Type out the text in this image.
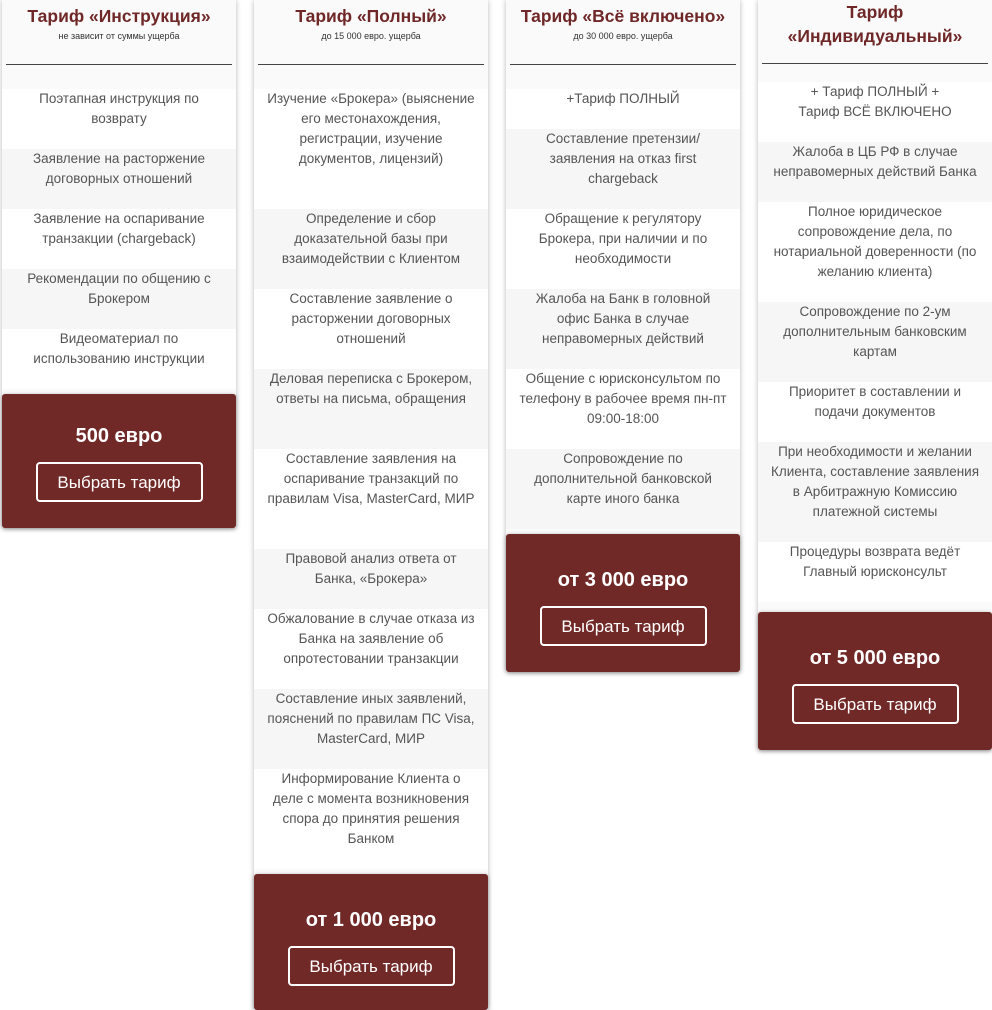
Тариф «Инструкция»
не зависит от суммы ущерба
Поэтапная инструкция по возврату
Заявление на расторжение договорных отношений
Заявление на оспаривание транзакции (chargeback)
Рекомендации по общению с Брокером
Видеоматериал по использованию инструкции
500 евро
Выбрать тариф
Тариф «Полный»
до 15 000 евро. ущерба
Изучение «Брокера» (выяснение его местонахождения, регистрации, изучение документов, лицензий)
Определение и сбор доказательной базы при взаимодействии с Клиентом
Составление заявление о расторжении договорных отношений
Деловая переписка с Брокером, ответы на письма, обращения
Составление заявления на оспаривание транзакций по правилам Visa, MasterCard, МИР
Правовой анализ ответа от Банка, «Брокера»
Обжалование в случае отказа из Банка на заявление об опротестовании транзакции
Составление иных заявлений, пояснений по правилам ПС Visa, MasterCard, МИР
Информирование Клиента о деле с момента возникновения спора до принятия решения Банком
от 1 000 евро
Выбрать тариф
Тариф «Всё включено»
до 30 000 евро. ущерба
+Тариф ПОЛНЫЙ
Составление претензии/ заявления на отказ first chargeback
Обращение к регулятору Брокера, при наличии и по необходимости
Жалоба на Банк в головной офис Банка в случае неправомерных действий
Общение с юрисконсультом по телефону в рабочее время пн-пт 09:00-18:00
Сопровождение по дополнительной банковской карте иного банка
от 3 000 евро
Выбрать тариф
Тариф «Индивидуальный»
+ Тариф ПОЛНЫЙ + Тариф ВСЁ ВКЛЮЧЕНО
Жалоба в ЦБ РФ в случае неправомерных действий Банка
Полное юридическое сопровождение дела, по нотариальной доверенности (по желанию клиента)
Сопровождение по 2-ум дополнительным банковским картам
Приоритет в составлении и подачи документов
При необходимости и желании Клиента, составление заявления в Арбитражную Комиссию платежной системы
Процедуры возврата ведёт Главный юрисконсульт
от 5 000 евро
Выбрать тариф
